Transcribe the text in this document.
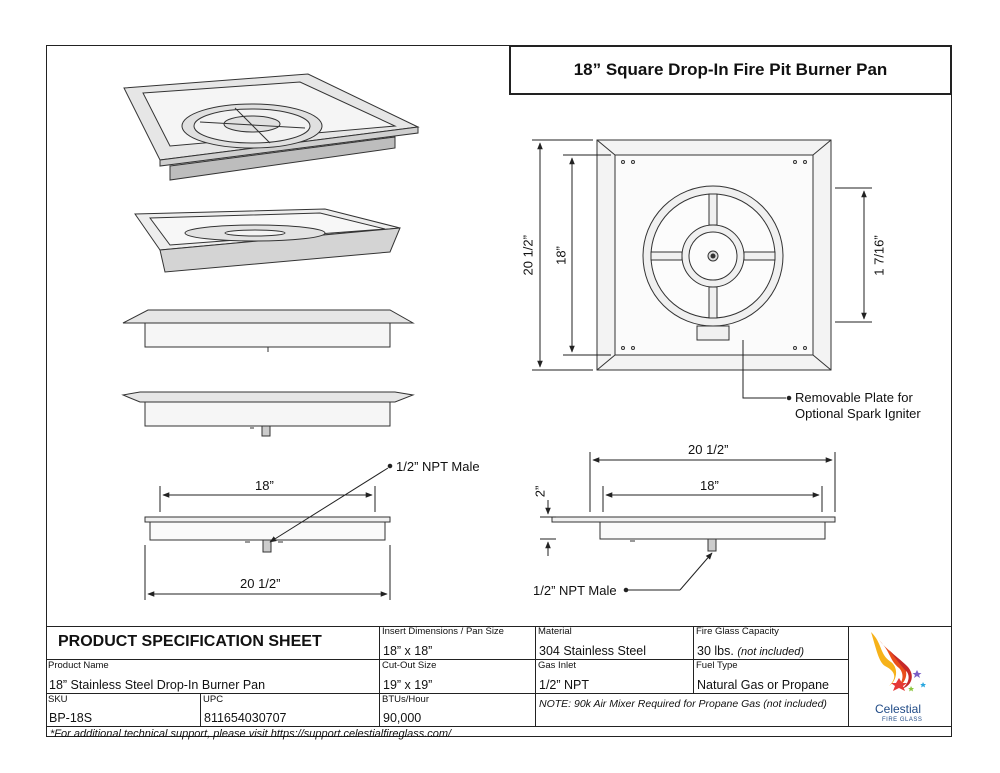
18” Square Drop-In Fire Pit Burner Pan
18”
20 1/2”
20 1/2” 18”	1 7/16”
20 1/2”
18”
2”
1/2” NPT Male
1/2” NPT Male
Removable Plate for
Optional Spark Igniter
PRODUCT SPECIFICATION SHEET
Insert Dimensions / Pan Size
18” x 18”
Material
304 Stainless Steel
Fire Glass Capacity
30 lbs. (not included)
Product Name
18” Stainless Steel Drop-In Burner Pan
Cut-Out Size
19” x 19”
Gas Inlet
1/2” NPT
Fuel Type
Natural Gas or Propane
SKU
BP-18S
UPC
811654030707
BTUs/Hour
90,000
NOTE: 90k Air Mixer Required for Propane Gas (not included)	Celestial
FIRE GLASS
*For additional technical support, please visit https://support.celestialfireglass.com/
